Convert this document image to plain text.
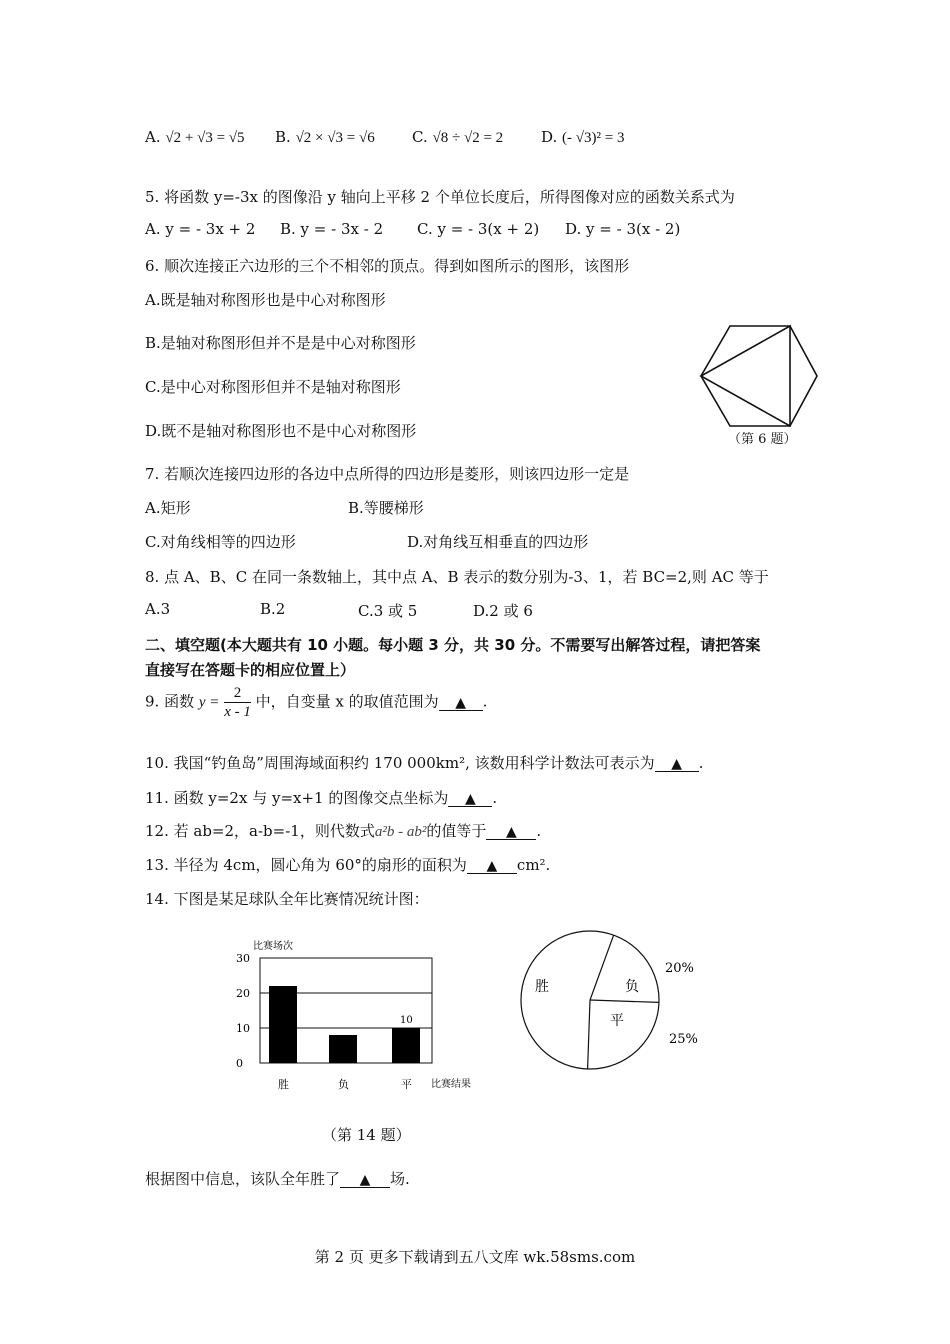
A. √2 + √3 = √5 B. √2 × √3 = √6 C. √8 ÷ √2 = 2	D. (- √3)² = 3
5. 将函数 y=-3x 的图像沿 y 轴向上平移 2 个单位长度后，所得图像对应的函数关系式为
A. y = - 3x + 2 B. y = - 3x - 2 C. y = - 3(x + 2) D. y = - 3(x - 2)
6. 顺次连接正六边形的三个不相邻的顶点。得到如图所示的图形，该图形
A.既是轴对称图形也是中心对称图形
B.是轴对称图形但并不是是中心对称图形
C.是中心对称图形但并不是轴对称图形
D.既不是轴对称图形也不是中心对称图形	（第 6 题）
7. 若顺次连接四边形的各边中点所得的四边形是菱形，则该四边形一定是
A.矩形	B.等腰梯形
C.对角线相等的四边形	D.对角线互相垂直的四边形
8. 点 A、B、C 在同一条数轴上，其中点 A、B 表示的数分别为-3、1，若 BC=2,则 AC 等于
A.3	B.2	C.3 或 5	D.2 或 6
二、填空题(本大题共有 10 小题。每小题 3 分，共 30 分。不需要写出解答过程，请把答案
直接写在答题卡的相应位置上）
9. 函数 $y = \frac{2}{x - 1}$ 中，自变量 x 的取值范围为 ▲ .
10. 我国“钓鱼岛”周围海域面积约 170 000km², 该数用科学计数法可表示为 ▲ .
11. 函数 y=2x 与 y=x+1 的图像交点坐标为 ▲ .
12. 若 ab=2，a-b=-1，则代数式a²b - ab²的值等于 ▲ .
13. 半径为 4cm，圆心角为 60°的扇形的面积为 ▲ cm².
14. 下图是某足球队全年比赛情况统计图：
比赛场次
0
10
20
30
胜	负	平
10
比赛结果
胜	负
平
20%
25%
（第 14 题）
根据图中信息，该队全年胜了 ▲ 场.
第 2 页 更多下载请到五八文库 wk.58sms.com
